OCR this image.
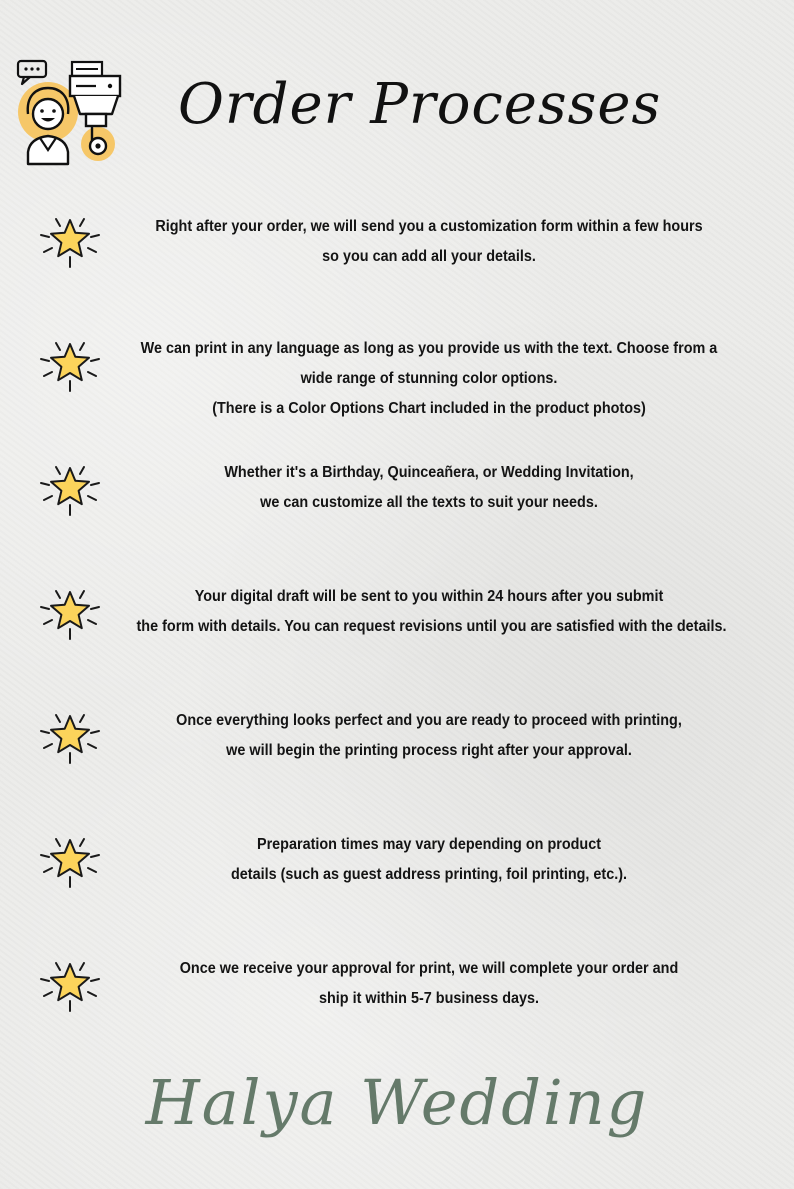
Order Processes
Right after your order, we will send you a customization form within a few hours
so you can add all your details.
We can print in any language as long as you provide us with the text. Choose from a
wide range of stunning color options.
(There is a Color Options Chart included in the product photos)
Whether it's a Birthday, Quinceañera, or Wedding Invitation,
we can customize all the texts to suit your needs.
Your digital draft will be sent to you within 24 hours after you submit
the form with details. You can request revisions until you are satisfied with the details.
Once everything looks perfect and you are ready to proceed with printing,
we will begin the printing process right after your approval.
Preparation times may vary depending on product
details (such as guest address printing, foil printing, etc.).
Once we receive your approval for print, we will complete your order and
ship it within 5-7 business days.
Halya Wedding
